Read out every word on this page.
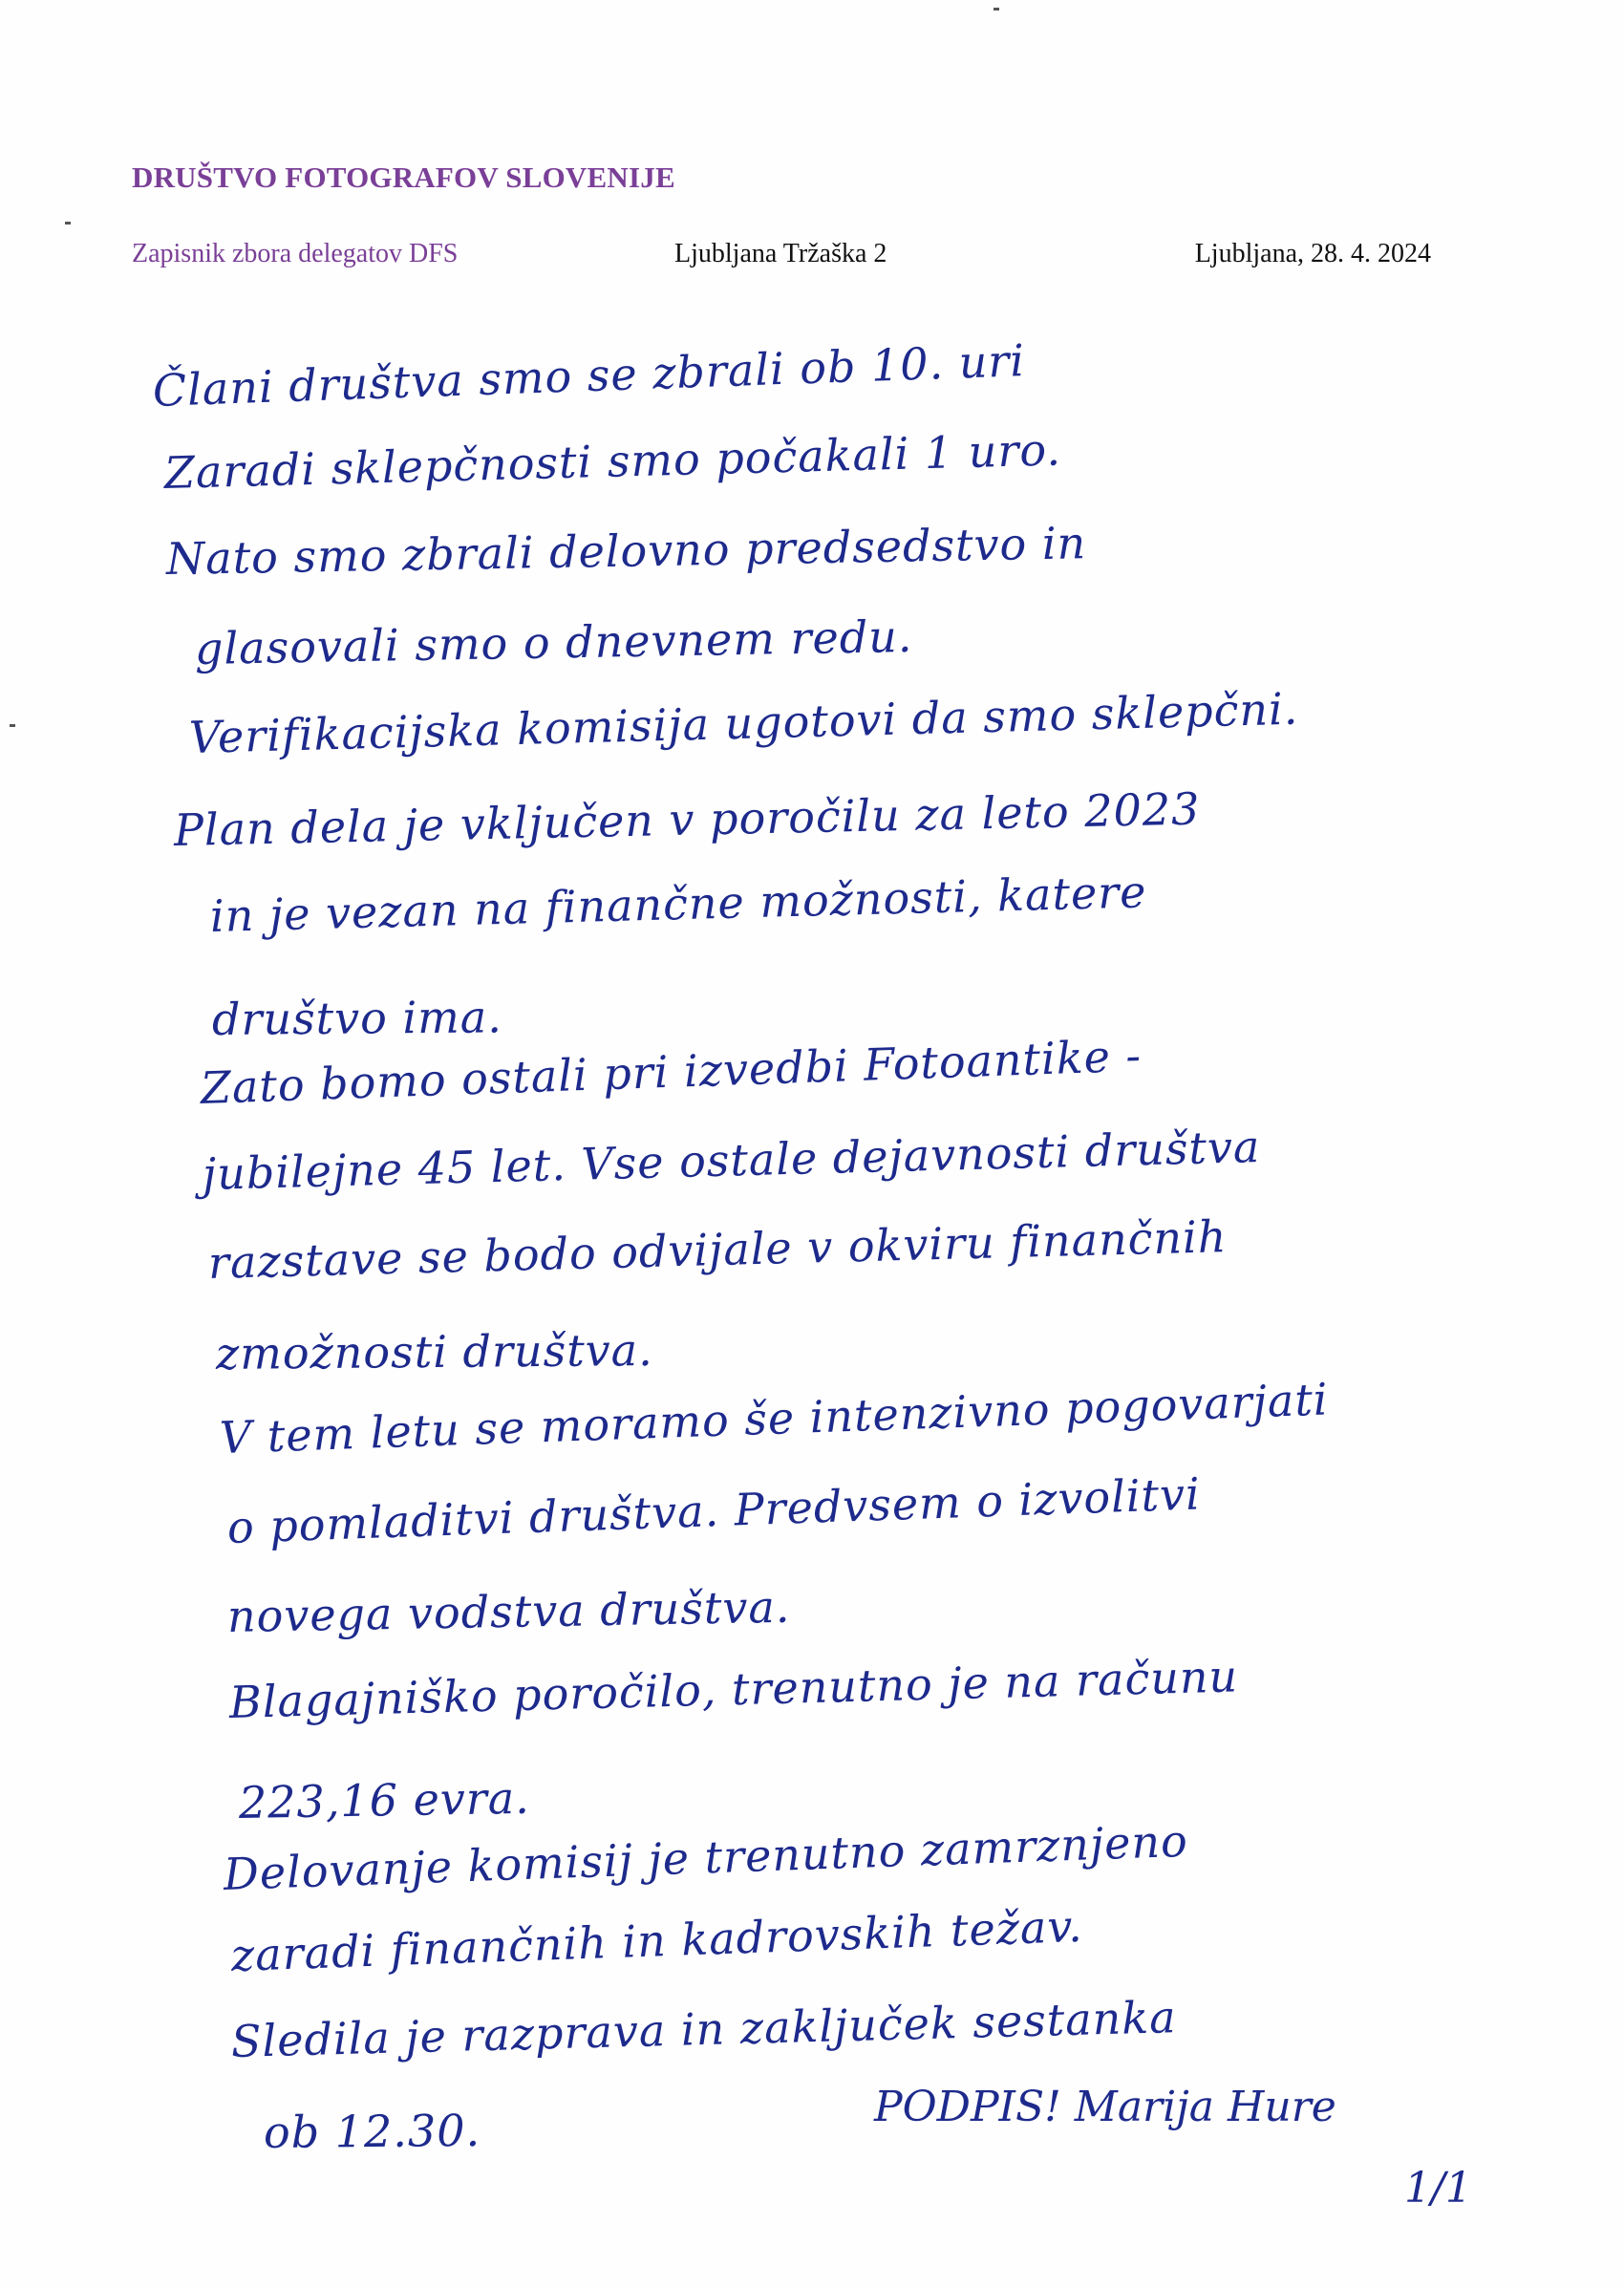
​
DRUŠTVO FOTOGRAFOV SLOVENIJE
Zapisnik zbora delegatov DFS	Ljubljana Tržaška 2	Ljubljana, 28. 4. 2024
Člani društva smo se zbrali ob 10. uri
Zaradi sklepčnosti smo počakali 1 uro.
Nato smo zbrali delovno predsedstvo in
glasovali smo o dnevnem redu.
Verifikacijska komisija ugotovi da smo sklepčni.
Plan dela je vključen v poročilu za leto 2023
in je vezan na finančne možnosti, katere
društvo ima.
Zato bomo ostali pri izvedbi Fotoantike -
jubilejne 45 let. Vse ostale dejavnosti društva
razstave se bodo odvijale v okviru finančnih
zmožnosti društva.
V tem letu se moramo še intenzivno pogovarjati
o pomladitvi društva. Predvsem o izvolitvi
novega vodstva društva.
Blagajniško poročilo, trenutno je na računu
223,16 evra.
Delovanje komisij je trenutno zamrznjeno
zaradi finančnih in kadrovskih težav.
Sledila je razprava in zaključek sestanka
ob 12.30.	PODPIS! Marija Hure
1/1
